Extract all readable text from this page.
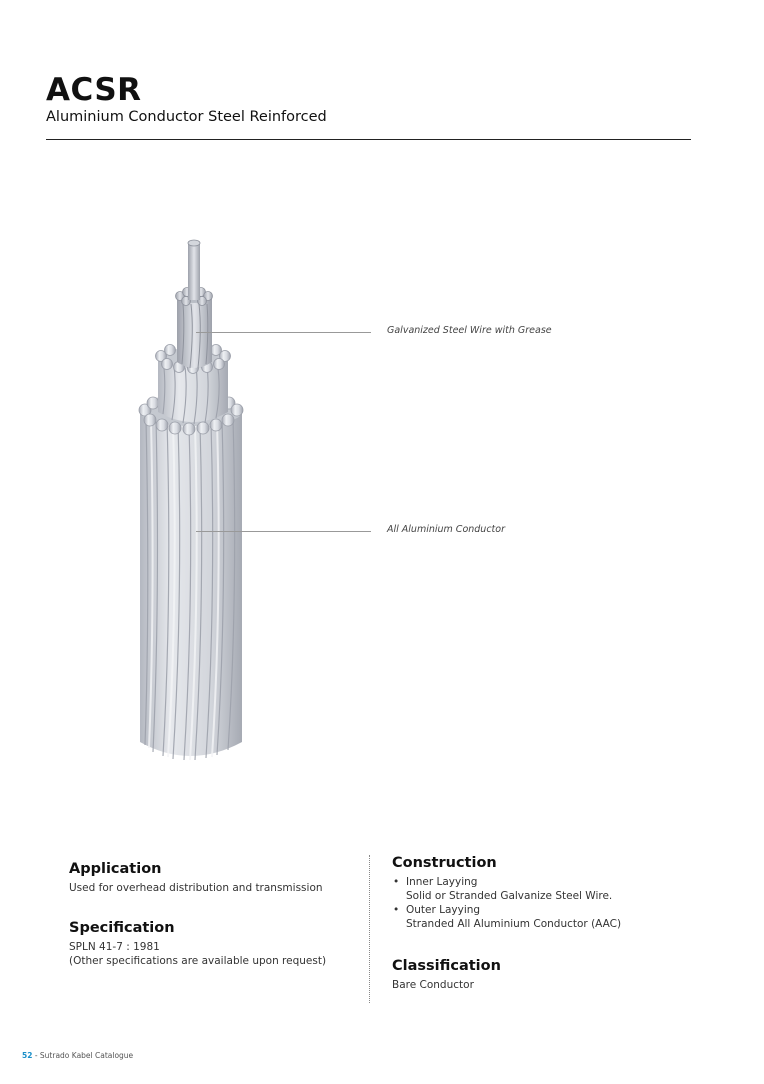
ACSR

Aluminium Conductor Steel Reinforced

Galvanized Steel Wire with Grease
All Aluminium Conductor
Application

Used for overhead distribution and transmission

Specification

SPLN 41-7 : 1981

(Other specifications are available upon request)

Construction
• Inner Layying
Solid or Stranded Galvanize Steel Wire.
• Outer Layying
Stranded All Aluminium Conductor (AAC)
Classification

Bare Conductor

52 - Sutrado Kabel Catalogue
